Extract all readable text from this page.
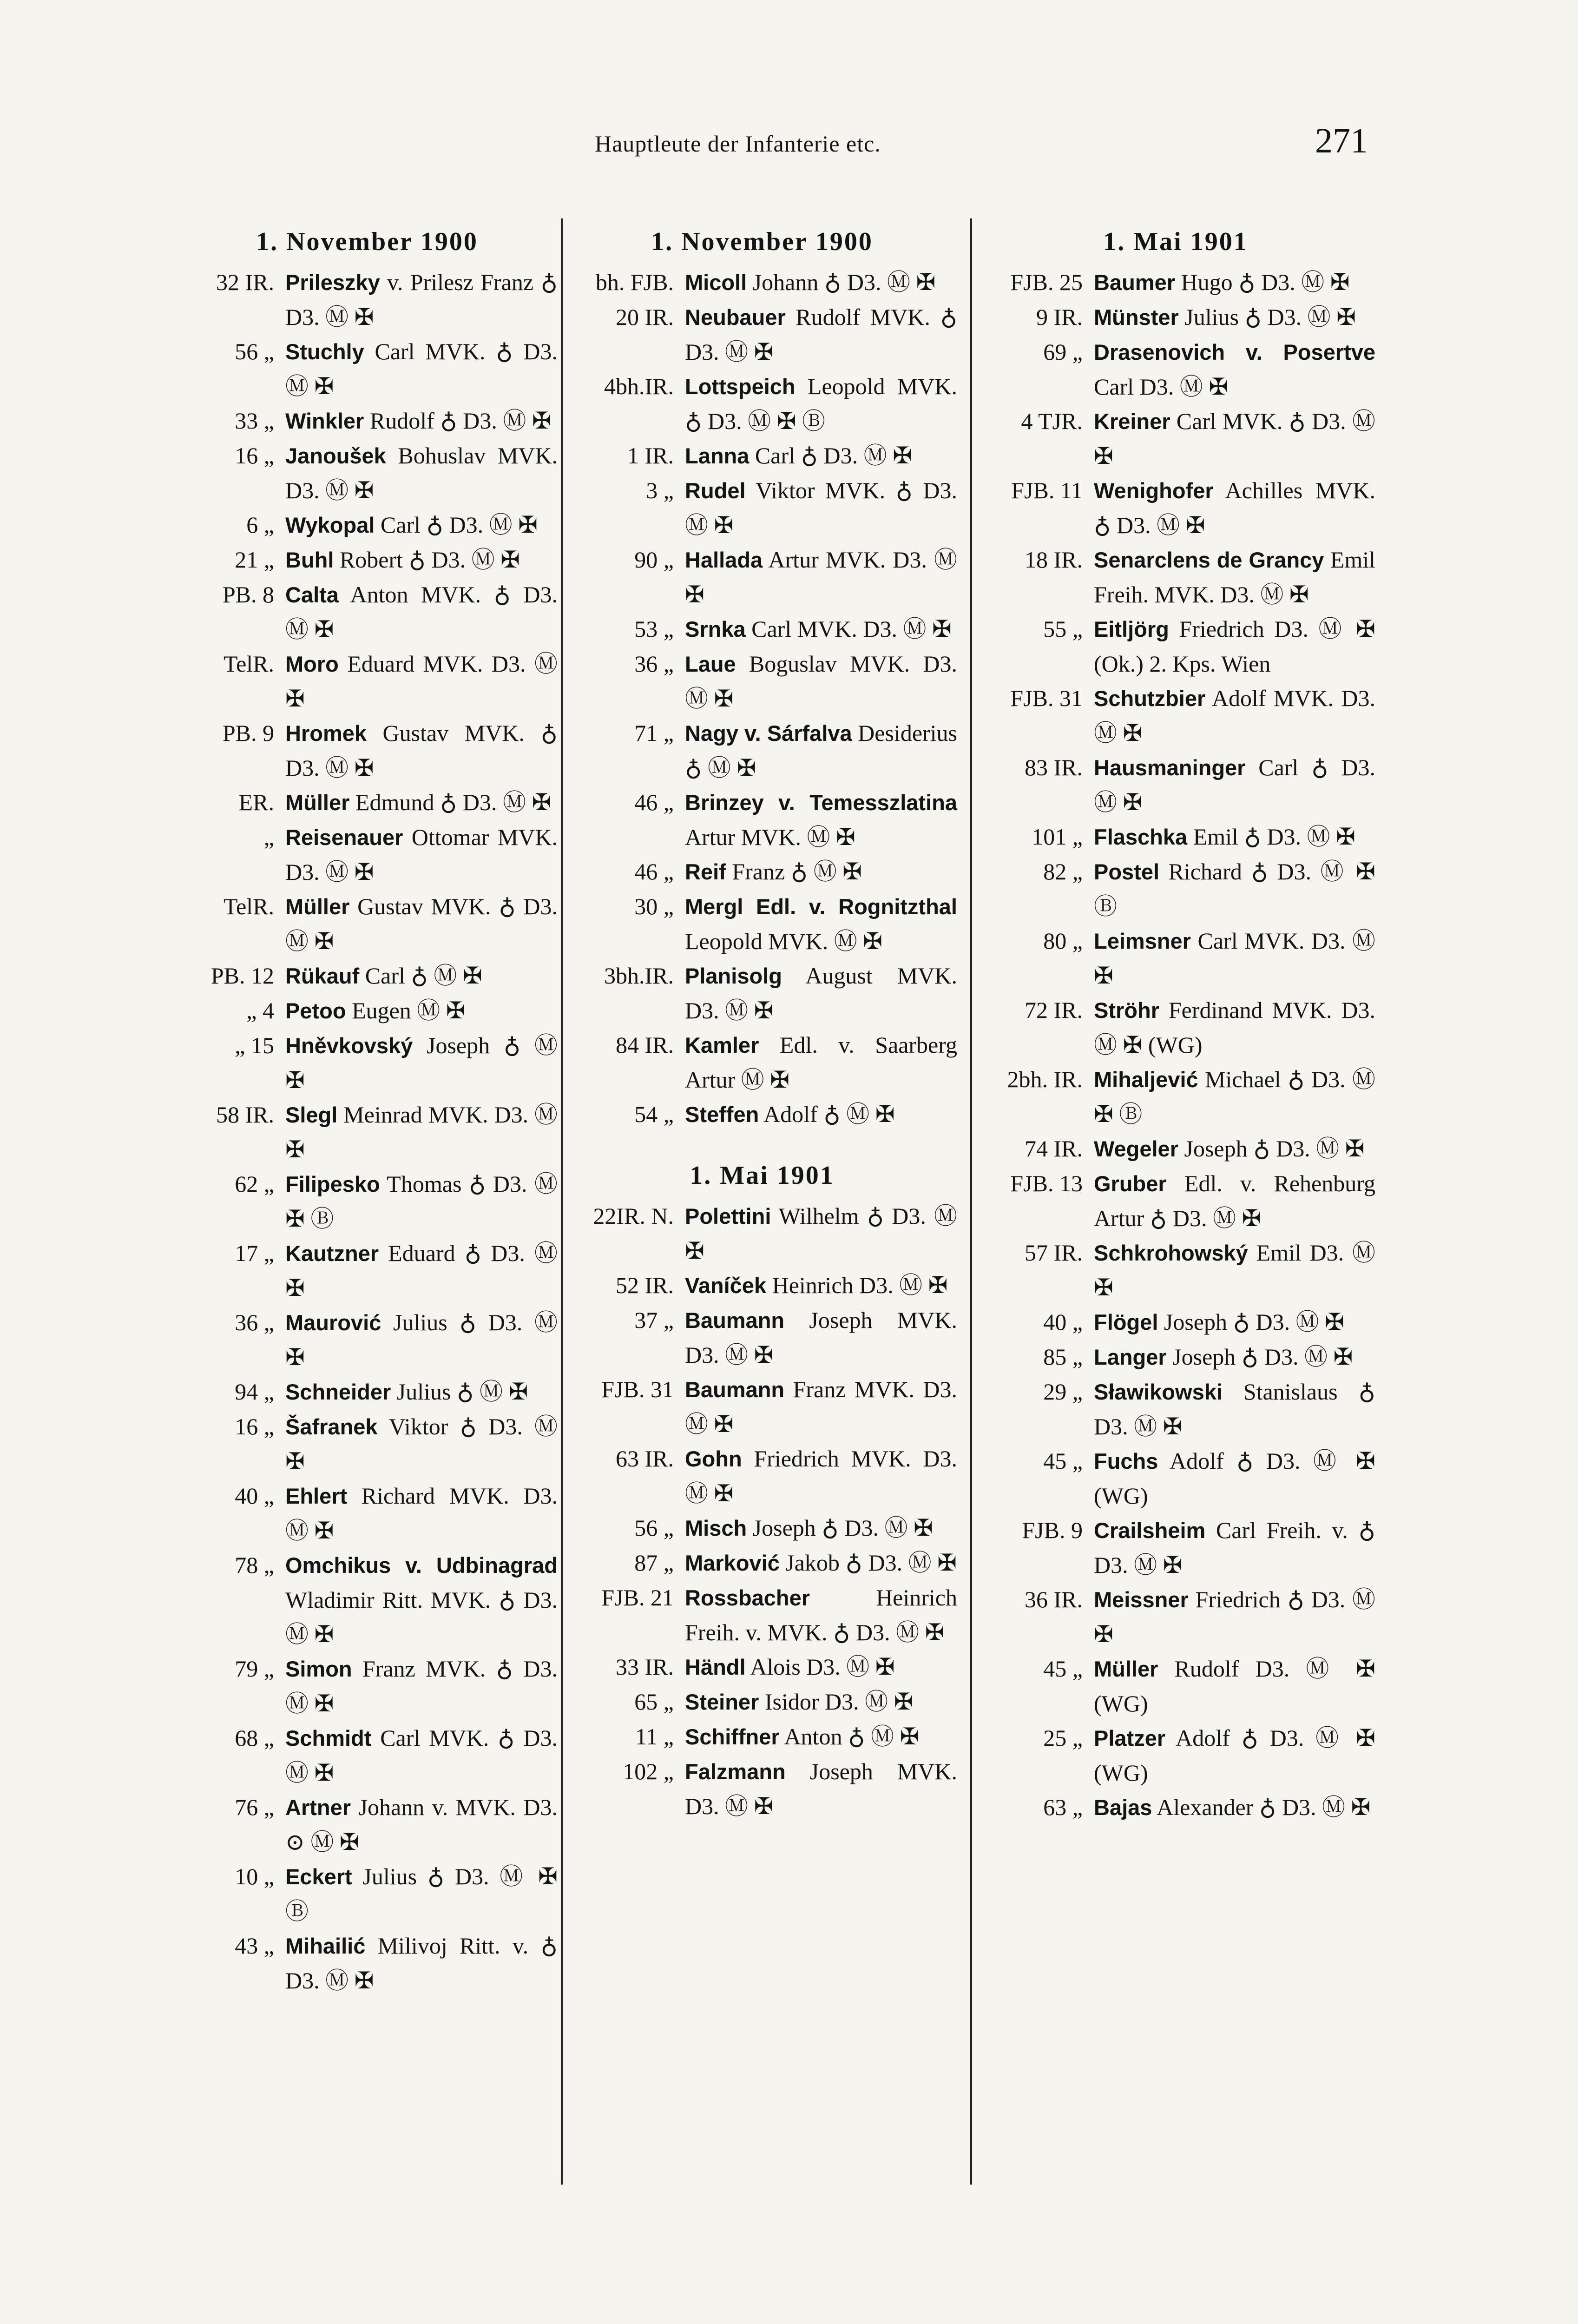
Hauptleute der Infanterie etc.	271
1. November 1900
32 IR. Prileszky v. Prilesz Franz ♁ D3. Ⓜ ✠
56 „ Stuchly Carl MVK. ♁ D3. Ⓜ ✠
33 „ Winkler Rudolf ♁ D3. Ⓜ ✠
16 „ Janoušek Bohuslav MVK. D3. Ⓜ ✠
6 „ Wykopal Carl ♁ D3. Ⓜ ✠
21 „ Buhl Robert ♁ D3. Ⓜ ✠
PB. 8 Calta Anton MVK. ♁ D3. Ⓜ ✠
TelR. Moro Eduard MVK. D3. Ⓜ ✠
PB. 9 Hromek Gustav MVK. ♁ D3. Ⓜ ✠
ER. Müller Edmund ♁ D3. Ⓜ ✠
„ Reisenauer Ottomar MVK. D3. Ⓜ ✠
TelR. Müller Gustav MVK. ♁ D3. Ⓜ ✠
PB. 12 Rükauf Carl ♁ Ⓜ ✠
„ 4 Petoo Eugen Ⓜ ✠
„ 15 Hněvkovský Joseph ♁ Ⓜ ✠
58 IR. Slegl Meinrad MVK. D3. Ⓜ ✠
62 „ Filipesko Thomas ♁ D3. Ⓜ ✠ Ⓑ
17 „ Kautzner Eduard ♁ D3. Ⓜ ✠
36 „ Maurović Julius ♁ D3. Ⓜ ✠
94 „ Schneider Julius ♁ Ⓜ ✠
16 „ Šafranek Viktor ♁ D3. Ⓜ ✠
40 „ Ehlert Richard MVK. D3. Ⓜ ✠
78 „ Omchikus v. Udbinagrad Wladimir Ritt. MVK. ♁ D3. Ⓜ ✠
79 „ Simon Franz MVK. ♁ D3. Ⓜ ✠
68 „ Schmidt Carl MVK. ♁ D3. Ⓜ ✠
76 „ Artner Johann v. MVK. D3. ⊙ Ⓜ ✠
10 „ Eckert Julius ♁ D3. Ⓜ ✠ Ⓑ
43 „ Mihailić Milivoj Ritt. v. ♁ D3. Ⓜ ✠
1. November 1900
bh. FJB. Micoll Johann ♁ D3. Ⓜ ✠
20 IR. Neubauer Rudolf MVK. ♁ D3. Ⓜ ✠
4bh.IR. Lottspeich Leopold MVK. ♁ D3. Ⓜ ✠ Ⓑ
1 IR. Lanna Carl ♁ D3. Ⓜ ✠
3 „ Rudel Viktor MVK. ♁ D3. Ⓜ ✠
90 „ Hallada Artur MVK. D3. Ⓜ ✠
53 „ Srnka Carl MVK. D3. Ⓜ ✠
36 „ Laue Boguslav MVK. D3. Ⓜ ✠
71 „ Nagy v. Sárfalva Desiderius ♁ Ⓜ ✠
46 „ Brinzey v. Temesszlatina Artur MVK. Ⓜ ✠
46 „ Reif Franz ♁ Ⓜ ✠
30 „ Mergl Edl. v. Rognitzthal Leopold MVK. Ⓜ ✠
3bh.IR. Planisolg August MVK. D3. Ⓜ ✠
84 IR. Kamler Edl. v. Saarberg Artur Ⓜ ✠
54 „ Steffen Adolf ♁ Ⓜ ✠
1. Mai 1901
22IR. N. Polettini Wilhelm ♁ D3. Ⓜ ✠
52 IR. Vaníček Heinrich D3. Ⓜ ✠
37 „ Baumann Joseph MVK. D3. Ⓜ ✠
FJB. 31 Baumann Franz MVK. D3. Ⓜ ✠
63 IR. Gohn Friedrich MVK. D3. Ⓜ ✠
56 „ Misch Joseph ♁ D3. Ⓜ ✠
87 „ Marković Jakob ♁ D3. Ⓜ ✠
FJB. 21 Rossbacher Heinrich Freih. v. MVK. ♁ D3. Ⓜ ✠
33 IR. Händl Alois D3. Ⓜ ✠
65 „ Steiner Isidor D3. Ⓜ ✠
11 „ Schiffner Anton ♁ Ⓜ ✠
102 „ Falzmann Joseph MVK. D3. Ⓜ ✠
1. Mai 1901
FJB. 25 Baumer Hugo ♁ D3. Ⓜ ✠
9 IR. Münster Julius ♁ D3. Ⓜ ✠
69 „ Drasenovich v. Posertve Carl D3. Ⓜ ✠
4 TJR. Kreiner Carl MVK. ♁ D3. Ⓜ ✠
FJB. 11 Wenighofer Achilles MVK. ♁ D3. Ⓜ ✠
18 IR. Senarclens de Grancy Emil Freih. MVK. D3. Ⓜ ✠
55 „ Eitljörg Friedrich D3. Ⓜ ✠ (Ok.) 2. Kps. Wien
FJB. 31 Schutzbier Adolf MVK. D3. Ⓜ ✠
83 IR. Hausmaninger Carl ♁ D3. Ⓜ ✠
101 „ Flaschka Emil ♁ D3. Ⓜ ✠
82 „ Postel Richard ♁ D3. Ⓜ ✠ Ⓑ
80 „ Leimsner Carl MVK. D3. Ⓜ ✠
72 IR. Ströhr Ferdinand MVK. D3. Ⓜ ✠ (WG)
2bh. IR. Mihaljević Michael ♁ D3. Ⓜ ✠ Ⓑ
74 IR. Wegeler Joseph ♁ D3. Ⓜ ✠
FJB. 13 Gruber Edl. v. Rehenburg Artur ♁ D3. Ⓜ ✠
57 IR. Schkrohowský Emil D3. Ⓜ ✠
40 „ Flögel Joseph ♁ D3. Ⓜ ✠
85 „ Langer Joseph ♁ D3. Ⓜ ✠
29 „ Sławikowski Stanislaus ♁ D3. Ⓜ ✠
45 „ Fuchs Adolf ♁ D3. Ⓜ ✠ (WG)
FJB. 9 Crailsheim Carl Freih. v. ♁ D3. Ⓜ ✠
36 IR. Meissner Friedrich ♁ D3. Ⓜ ✠
45 „ Müller Rudolf D3. Ⓜ ✠ (WG)
25 „ Platzer Adolf ♁ D3. Ⓜ ✠ (WG)
63 „ Bajas Alexander ♁ D3. Ⓜ ✠
